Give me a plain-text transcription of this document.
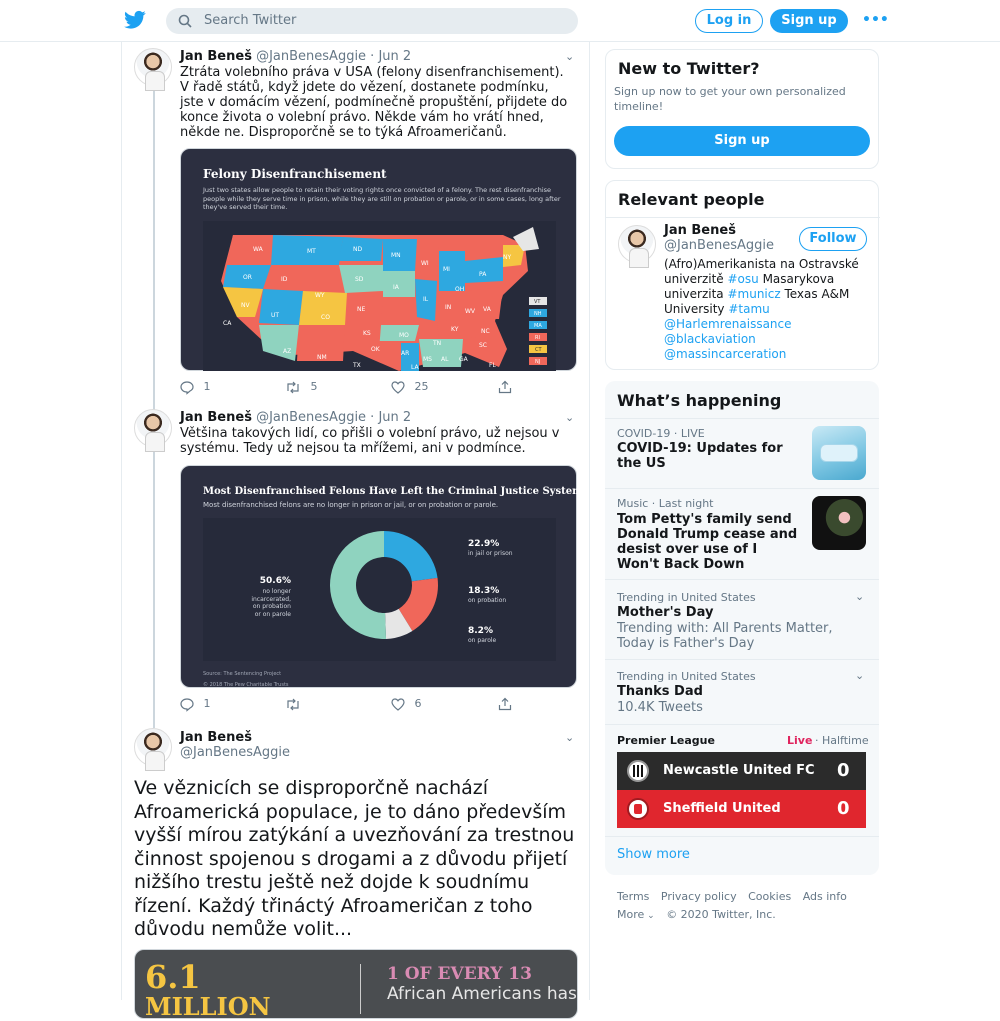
Search Twitter	Log in	Sign up	•••
Jan Beneš @JanBenesAggie · Jun 2	⌄
Ztráta volebního práva v USA (felony disenfranchisement). V řadě států, když jdete do vězení, dostanete podmínku, jste v domácím vězení, podmínečně propuštění, přijdete do konce života o volební právo. Někde vám ho vrátí hned, někde ne. Disproporčně se to týká Afroameričanů.
Felony Disenfranchisement
Just two states allow people to retain their voting rights once convicted of a felony. The rest disenfranchise people while they serve time in prison, while they are still on probation or parole, or in some cases, long after they've served their time.
WA	MT	ND
MN
WI
MI
NY
OR	ID	SD
WY
IA
PA
NV
UT
NE
CO
IL
IN
OH
CA
KS	MO
KY
WV VA
AZ
NM
OK
AR
TN
NC
SC
MS AL GA
TX	LA	FL
VT
NH
MA
RI
CT
NJ
1	5	25
Jan Beneš @JanBenesAggie · Jun 2	⌄
Většina takových lidí, co přišli o volební právo, už nejsou v systému. Tedy už nejsou ta mřížemi, ani v podmínce.
Most Disenfranchised Felons Have Left the Criminal Justice System
Most disenfranchised felons are no longer in prison or jail, or on probation or parole.
22.9%
in jail or prison
18.3%
on probation
8.2%
on parole
50.6%
no longer incarcerated, on probation or on parole
Source: The Sentencing Project
© 2018 The Pew Charitable Trusts
1	6
Jan Beneš
@JanBenesAggie
⌄
Ve věznicích se disproporčně nachází Afroamerická populace, je to dáno především vyšší mírou zatýkání a uvezňování za trestnou činnost spojenou s drogami a z důvodu přijetí nižšího trestu ještě než dojde k soudnímu řízení. Každý třináctý Afroameričan z toho důvodu nemůže volit...
6.1
MILLION
1 OF EVERY 13
African Americans has
New to Twitter?
Sign up now to get your own personalized timeline!
Sign up
Relevant people
Jan Beneš
@JanBenesAggie	Follow
(Afro)Amerikanista na Ostravské
univerzitě #osu Masarykova
univerzita #municz Texas A&M
University #tamu
@Harlemrenaissance
@blackaviation
@massincarceration
What’s happening
COVID-19 · LIVE
COVID-19: Updates for the US
Music · Last night
Tom Petty's family send Donald Trump cease and desist over use of I Won't Back Down
Trending in United States
Mother's Day
Trending with: All Parents Matter, Today is Father's Day
⌄
Trending in United States
Thanks Dad
10.4K Tweets
⌄
Premier League	Live · Halftime
Newcastle United FC 0
Sheffield United	0
Show more
Terms Privacy policy Cookies Ads info
More ⌄ © 2020 Twitter, Inc.
